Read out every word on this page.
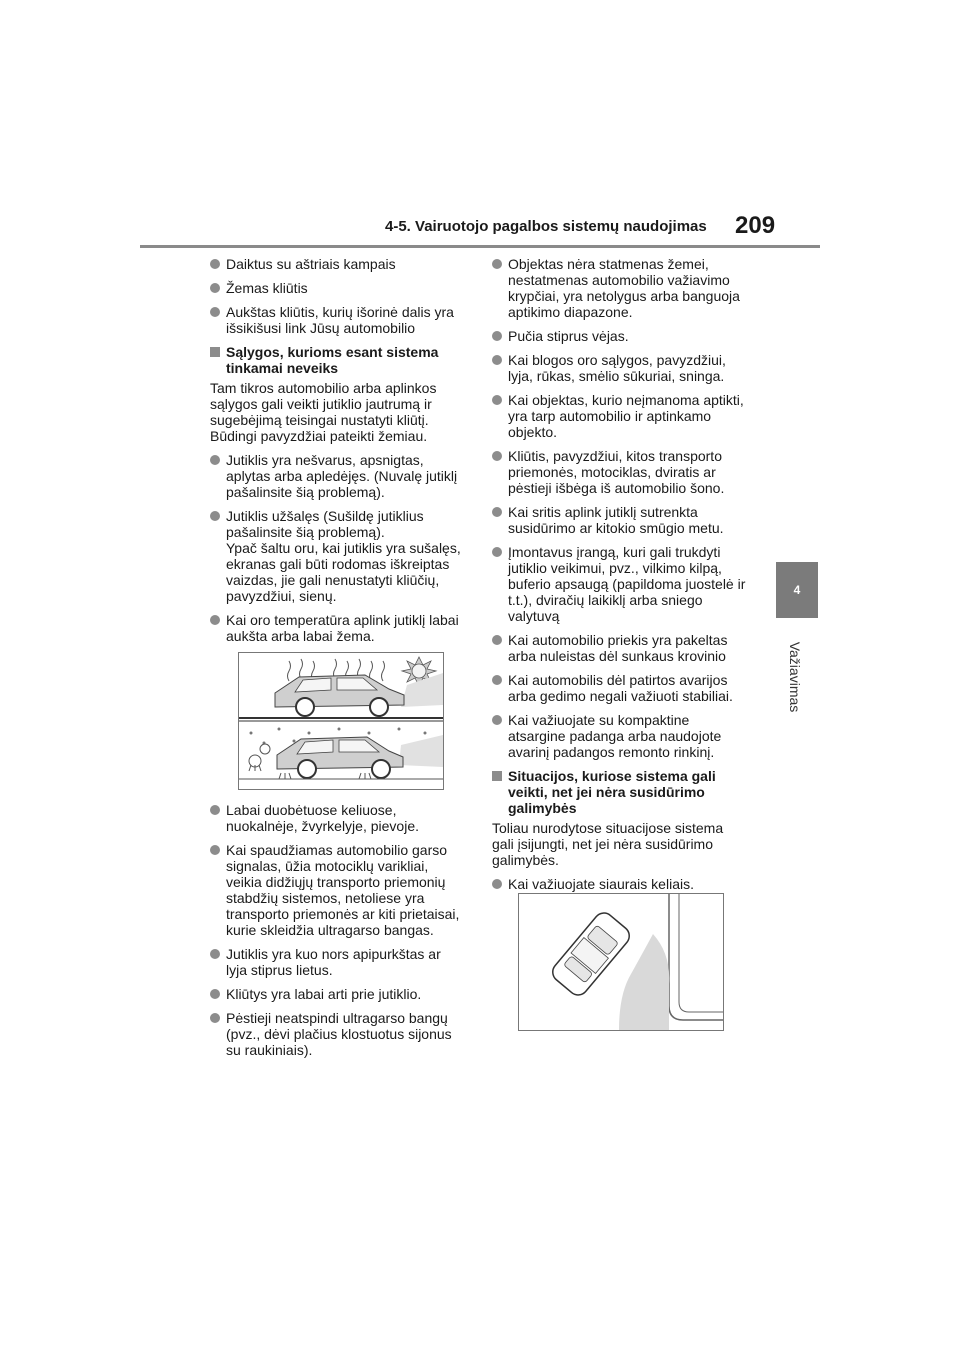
4-5. Vairuotojo pagalbos sistemų naudojimas 209
4
Važiavimas
Daiktus su aštriais kampais
Žemas kliūtis
Aukštas kliūtis, kurių išorinė dalis yra
išsikišusi link Jūsų automobilio
Sąlygos, kurioms esant sistema
tinkamai neveiks
Tam tikros automobilio arba aplinkos
sąlygos gali veikti jutiklio jautrumą ir
sugebėjimą teisingai nustatyti kliūtį.
Būdingi pavyzdžiai pateikti žemiau.
Jutiklis yra nešvarus, apsnigtas,
aplytas arba apledėjęs. (Nuvalę jutiklį
pašalinsite šią problemą).
Jutiklis užšalęs (Sušildę jutiklius
pašalinsite šią problemą).
Ypač šaltu oru, kai jutiklis yra sušalęs,
ekranas gali būti rodomas iškreiptas
vaizdas, jie gali nenustatyti kliūčių,
pavyzdžiui, sienų.
Kai oro temperatūra aplink jutiklį labai
aukšta arba labai žema.
Labai duobėtuose keliuose,
nuokalnėje, žvyrkelyje, pievoje.
Kai spaudžiamas automobilio garso
signalas, ūžia motociklų varikliai,
veikia didžiųjų transporto priemonių
stabdžių sistemos, netoliese yra
transporto priemonės ar kiti prietaisai,
kurie skleidžia ultragarso bangas.
Jutiklis yra kuo nors apipurkštas ar
lyja stiprus lietus.
Kliūtys yra labai arti prie jutiklio.
Pėstieji neatspindi ultragarso bangų
(pvz., dėvi plačius klostuotus sijonus
su raukiniais).
Objektas nėra statmenas žemei,
nestatmenas automobilio važiavimo
krypčiai, yra netolygus arba banguoja
aptikimo diapazone.
Pučia stiprus vėjas.
Kai blogos oro sąlygos, pavyzdžiui,
lyja, rūkas, smėlio sūkuriai, sninga.
Kai objektas, kurio neįmanoma aptikti,
yra tarp automobilio ir aptinkamo
objekto.
Kliūtis, pavyzdžiui, kitos transporto
priemonės, motociklas, dviratis ar
pėstieji išbėga iš automobilio šono.
Kai sritis aplink jutiklį sutrenkta
susidūrimo ar kitokio smūgio metu.
Įmontavus įrangą, kuri gali trukdyti
jutiklio veikimui, pvz., vilkimo kilpą,
buferio apsaugą (papildoma juostelė ir
t.t.), dviračių laikiklį arba sniego
valytuvą
Kai automobilio priekis yra pakeltas
arba nuleistas dėl sunkaus krovinio
Kai automobilis dėl patirtos avarijos
arba gedimo negali važiuoti stabiliai.
Kai važiuojate su kompaktine
atsargine padanga arba naudojote
avarinį padangos remonto rinkinį.
Situacijos, kuriose sistema gali
veikti, net jei nėra susidūrimo
galimybės
Toliau nurodytose situacijose sistema
gali įsijungti, net jei nėra susidūrimo
galimybės.
Kai važiuojate siaurais keliais.
